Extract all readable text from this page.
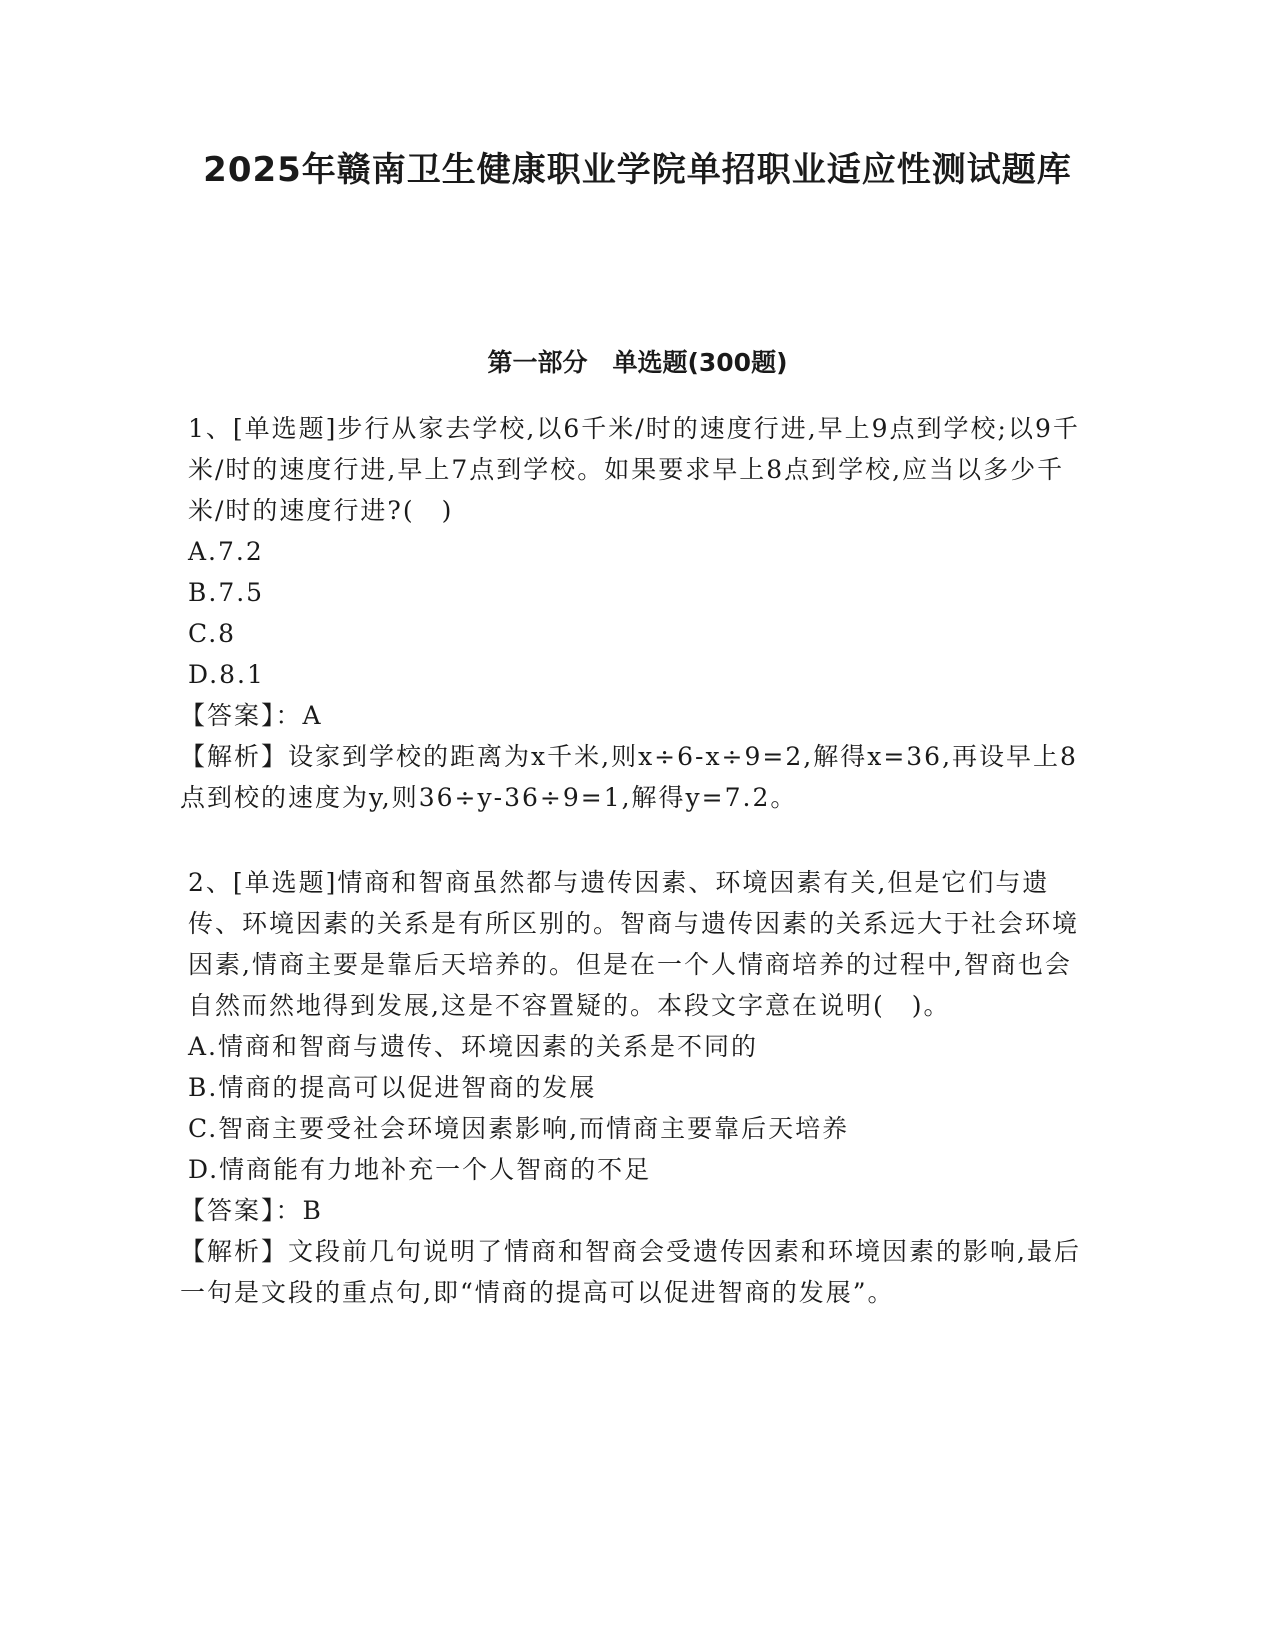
2025年赣南卫生健康职业学院单招职业适应性测试题库
第一部分　单选题(300题)

1、[单选题]步行从家去学校,以6千米/时的速度行进,早上9点到学校;以9千米/时的速度行进,早上7点到学校。如果要求早上8点到学校,应当以多少千米/时的速度行进?(　)

A.7.2

B.7.5

C.8

D.8.1

【答案】：A

【解析】设家到学校的距离为x千米,则x÷6-x÷9=2,解得x=36,再设早上8点到校的速度为y,则36÷y-36÷9=1,解得y=7.2。

2、[单选题]情商和智商虽然都与遗传因素、环境因素有关,但是它们与遗传、环境因素的关系是有所区别的。智商与遗传因素的关系远大于社会环境因素,情商主要是靠后天培养的。但是在一个人情商培养的过程中,智商也会自然而然地得到发展,这是不容置疑的。本段文字意在说明(　)。

A.情商和智商与遗传、环境因素的关系是不同的

B.情商的提高可以促进智商的发展

C.智商主要受社会环境因素影响,而情商主要靠后天培养

D.情商能有力地补充一个人智商的不足

【答案】：B

【解析】文段前几句说明了情商和智商会受遗传因素和环境因素的影响,最后一句是文段的重点句,即“情商的提高可以促进智商的发展”。
